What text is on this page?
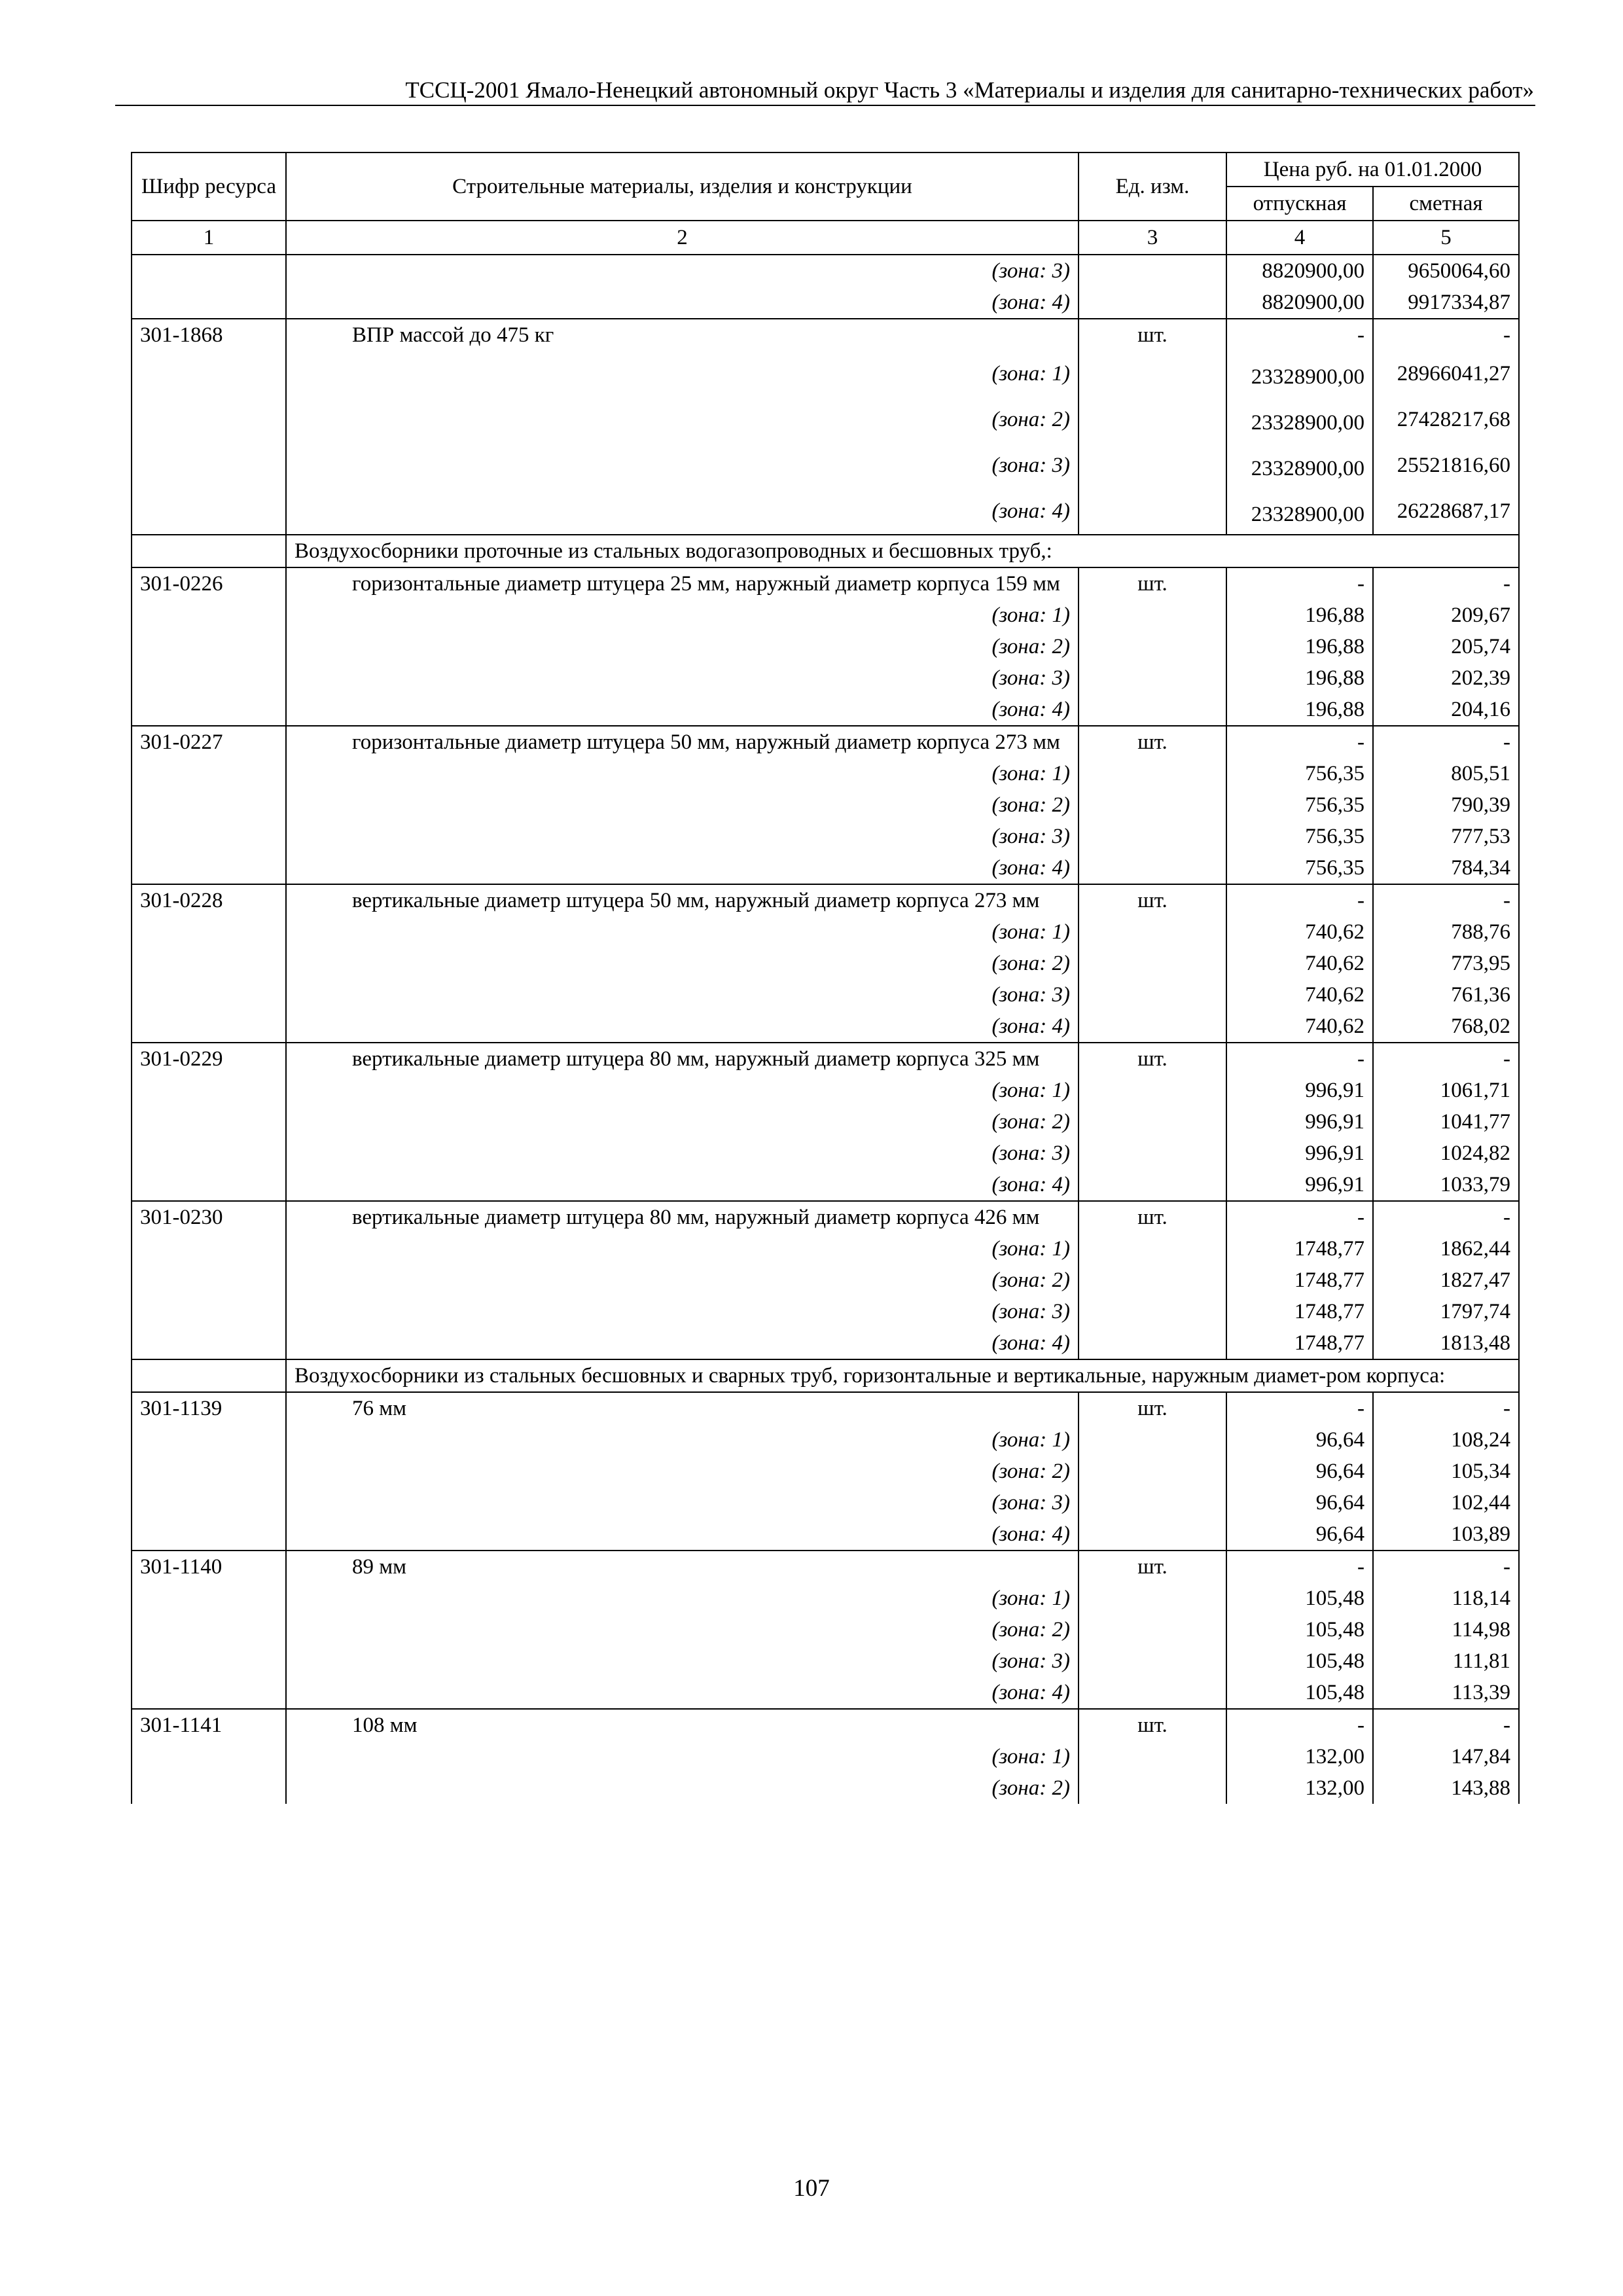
ТССЦ-2001 Ямало-Ненецкий автономный округ Часть 3 «Материалы и изделия для санитарно-технических работ»
Шифр ресурса	Строительные материалы, изделия и конструкции	Ед. изм.	Цена руб. на 01.01.2000	
			отпускная	сметная
1	2	3	4	5
	(зона: 3)		8820900,00	9650064,60
	(зона: 4)		8820900,00	9917334,87
301-1868	ВПР массой до 475 кг	шт.	-	-
	(зона: 1)		23328900,00	28966041,27
	(зона: 2)		23328900,00	27428217,68
	(зона: 3)		23328900,00	25521816,60
	(зона: 4)		23328900,00	26228687,17
	Воздухосборники проточные из стальных водогазопроводных и бесшовных труб,:			
301-0226	горизонтальные диаметр штуцера 25 мм, наружный диаметр корпуса 159 мм	шт.	-	-
	(зона: 1)		196,88	209,67
	(зона: 2)		196,88	205,74
	(зона: 3)		196,88	202,39
	(зона: 4)		196,88	204,16
301-0227	горизонтальные диаметр штуцера 50 мм, наружный диаметр корпуса 273 мм	шт.	-	-
	(зона: 1)		756,35	805,51
	(зона: 2)		756,35	790,39
	(зона: 3)		756,35	777,53
	(зона: 4)		756,35	784,34
301-0228	вертикальные диаметр штуцера 50 мм, наружный диаметр корпуса 273 мм	шт.	-	-
	(зона: 1)		740,62	788,76
	(зона: 2)		740,62	773,95
	(зона: 3)		740,62	761,36
	(зона: 4)		740,62	768,02
301-0229	вертикальные диаметр штуцера 80 мм, наружный диаметр корпуса 325 мм	шт.	-	-
	(зона: 1)		996,91	1061,71
	(зона: 2)		996,91	1041,77
	(зона: 3)		996,91	1024,82
	(зона: 4)		996,91	1033,79
301-0230	вертикальные диаметр штуцера 80 мм, наружный диаметр корпуса 426 мм	шт.	-	-
	(зона: 1)		1748,77	1862,44
	(зона: 2)		1748,77	1827,47
	(зона: 3)		1748,77	1797,74
	(зона: 4)		1748,77	1813,48
	Воздухосборники из стальных бесшовных и сварных труб, горизонтальные и вертикальные, наружным диамет-ром корпуса:			
301-1139	76 мм	шт.	-	-
	(зона: 1)		96,64	108,24
	(зона: 2)		96,64	105,34
	(зона: 3)		96,64	102,44
	(зона: 4)		96,64	103,89
301-1140	89 мм	шт.	-	-
	(зона: 1)		105,48	118,14
	(зона: 2)		105,48	114,98
	(зона: 3)		105,48	111,81
	(зона: 4)		105,48	113,39
301-1141	108 мм	шт.	-	-
	(зона: 1)		132,00	147,84
	(зона: 2)		132,00	143,88
107
